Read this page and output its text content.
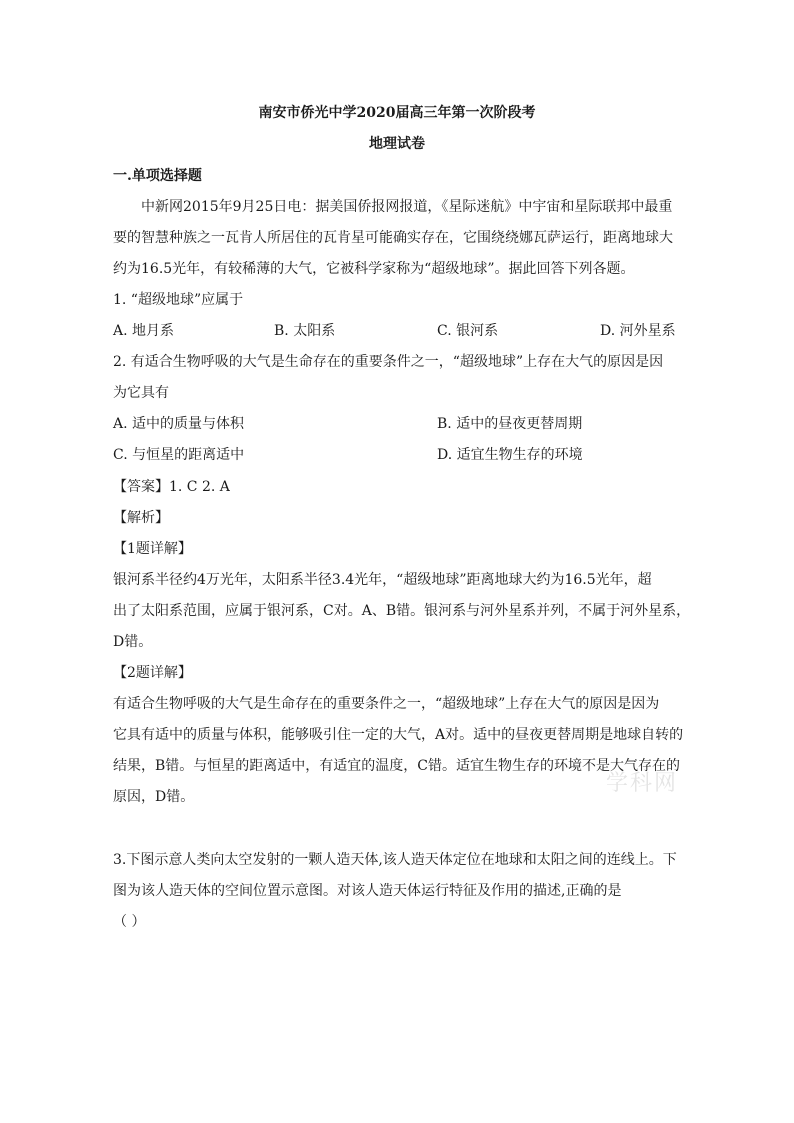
南安市侨光中学2020届高三年第一次阶段考
地理试卷
一.单项选择题
中新网2015年9月25日电：据美国侨报网报道，《星际迷航》中宇宙和星际联邦中最重
要的智慧种族之一瓦肯人所居住的瓦肯星可能确实存在，它围绕绕娜瓦萨运行，距离地球大
约为16.5光年，有较稀薄的大气，它被科学家称为“超级地球”。据此回答下列各题。
1. “超级地球”应属于
A. 地月系	B. 太阳系	C. 银河系	D. 河外星系
2. 有适合生物呼吸的大气是生命存在的重要条件之一，“超级地球”上存在大气的原因是因
为它具有
A. 适中的质量与体积	B. 适中的昼夜更替周期
C. 与恒星的距离适中	D. 适宜生物生存的环境
【答案】1. C 2. A
【解析】
【1题详解】
银河系半径约4万光年，太阳系半径3.4光年，“超级地球”距离地球大约为16.5光年，超
出了太阳系范围，应属于银河系，C对。A、B错。银河系与河外星系并列，不属于河外星系，
D错。
【2题详解】
有适合生物呼吸的大气是生命存在的重要条件之一，“超级地球”上存在大气的原因是因为
它具有适中的质量与体积，能够吸引住一定的大气，A对。适中的昼夜更替周期是地球自转的
结果，B错。与恒星的距离适中，有适宜的温度，C错。适宜生物生存的环境不是大气存在的
原因，D错。
学科网
3.下图示意人类向太空发射的一颗人造天体,该人造天体定位在地球和太阳之间的连线上。下
图为该人造天体的空间位置示意图。对该人造天体运行特征及作用的描述,正确的是
（ ）
